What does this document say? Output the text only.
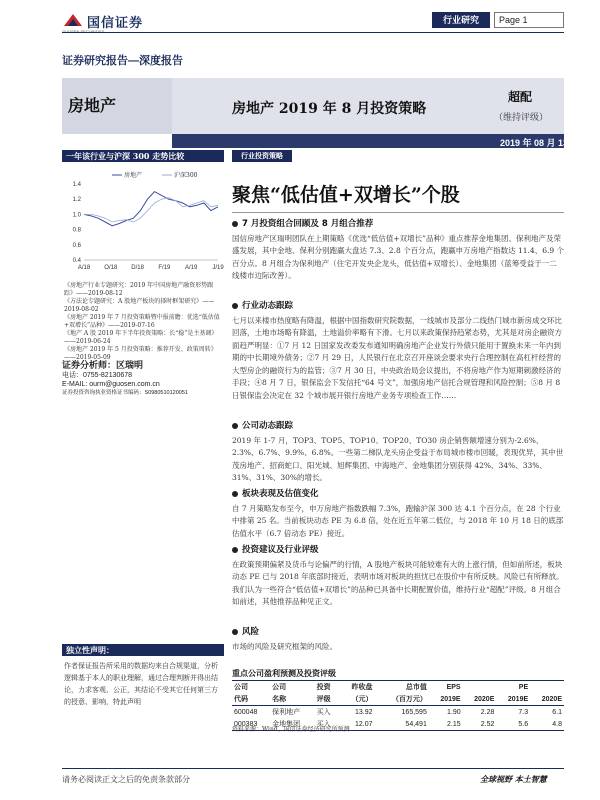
国信证券	行业研究	Page 1
证券研究报告—深度报告
房地产	房地产 2019 年 8 月投资策略
超配
（维持评级）
2019 年 08 月 13 日
一年该行业与沪深 300 走势比较
0.4
0.6
0.8
1.0
1.2
1.4
A/18 O/18 D/18 F/19 A/19 J/19
房地产	沪深300
《房地产行业专题研究：2019 年中国房地产融资形势跟踪》——2019-08-12
《方法论专题研究：A 股地产板块的择时框架研究》——2019-08-02
《房地产 2019 年 7 月投资策略暨中报前瞻：优选“低估值+双增长”品种》——2019-07-16
《地产 A 股 2019 年下半年投资策略：长“稳”是主基调》——2019-06-24
《房地产 2019 年 5 月投资策略：推荐开发、政策周转》——2019-05-09
证券分析师：区瑞明
电话：0755-82130678
E-MAIL: ourm@guosen.com.cn
证券投资咨询执业资格证书编码：S0980510120051
独立性声明：
作者保证报告所采用的数据均来自合规渠道，分析逻辑基于本人的职业理解，通过合理判断并得出结论，力求客观、公正，其结论不受其它任何第三方的授意、影响，特此声明
行业投资策略
聚焦“低估值+双增长”个股
7 月投资组合回顾及 8 月组合推荐

国信房地产区瑞明团队在上期策略《优选“低估值+双增长”品种》重点推荐金地集团、保利地产及荣盛发展，其中金地、保利分别跑赢大盘达 7.3、2.8 个百分点，跑赢申万房地产指数达 11.4、6.9 个百分点。8 月组合为保利地产（住宅开发央企龙头，低估值+双增长）、金地集团（蓝筹受益于一二线楼市边际改善）。

行业动态跟踪

七月以来楼市热度略有降温，根据中国指数研究院数据，一线城市及部分二线热门城市新房成交环比回落，土地市场略有降温，土地溢价率略有下滑。七月以来政策保持趋紧态势，尤其是对房企融资方面趋严明显：①7 月 12 日国家发改委发布通知明确房地产企业发行外债只能用于置换未来一年内到期的中长期境外债务；②7 月 29 日，人民银行在北京召开座谈会要求央行合理控制在高杠杆经营的大型房企的融资行为的监管；③7 月 30 日，中央政治局会议提出，不将房地产作为短期刺激经济的手段；④8 月 7 日，银保监会下发信托“64 号文”，加强房地产信托合规管理和风险控制；⑤8 月 8 日银保监会决定在 32 个城市展开银行房地产业务专项检查工作……

公司动态跟踪

2019 年 1-7 月，TOP3、TOP5、TOP10、TOP20、TO30 房企销售额增速分别为-2.6%、2.3%、6.7%、9.9%、6.8%。一些第二梯队龙头房企受益于布局城市楼市回暖，表现优异，其中世茂房地产、招商蛇口、阳光城、旭辉集团、中海地产、金地集团分别获得 42%、34%、33%、31%、31%、30%的增长。

板块表现及估值变化

自 7 月策略发布至今，申万房地产指数跌幅 7.3%，跑输沪深 300 达 4.1 个百分点，在 28 个行业中排第 25 名。当前板块动态 PE 为 6.8 倍，处在近五年第二低位，与 2018 年 10 月 18 日的底部估值水平（6.7 倍动态 PE）接近。

投资建议及行业评级

在政策预期偏紧及货币与论偏严的行情，A 股地产板块可能较难有大的上涨行情，但如前所述，板块动态 PE 已与 2018 年底部时接近，表明市场对板块的担忧已在股价中有所反映。风险已有所释放。我们认为一些符合“低估值+双增长”的品种已具备中长期配置价值，维持行业“超配”评级。8 月组合如前述，其他推荐品种见正文。

风险

市场的风险及研究框架的风险。

重点公司盈利预测及投资评级
公司	公司	投资	昨收盘	总市值	EPS		PE	
代码	名称	评级	（元）	（百万元）	2019E	2020E	2019E	2020E
600048	保利地产	买入	13.92	165,595	1.90	2.28	7.3	6.1
000383	金地集团	买入	12.07	54,491	2.15	2.52	5.6	4.8
资料来源：Wind、国信证券经济研究所预测
请务必阅读正文之后的免责条款部分	全球视野 本土智慧
